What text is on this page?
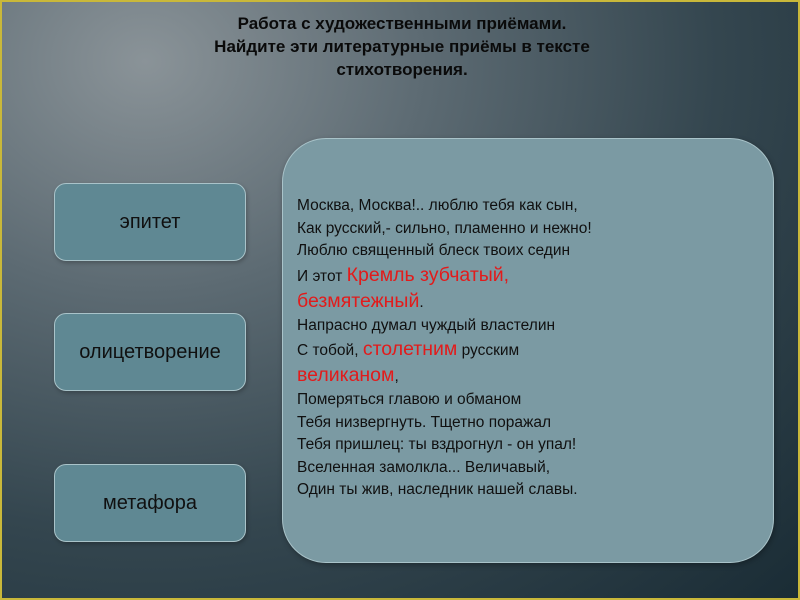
Работа с художественными приёмами.
Найдите эти литературные приёмы в тексте
стихотворения.
эпитет
олицетворение
метафора
Москва, Москва!.. люблю тебя как сын,
Как русский,- сильно, пламенно и нежно!
Люблю священный блеск твоих седин
И этот Кремль зубчатый,
безмятежный.
Напрасно думал чуждый властелин
С тобой, столетним русским
великаном,
Померяться главою и обманом
Тебя низвергнуть. Тщетно поражал
Тебя пришлец: ты вздрогнул - он упал!
Вселенная замолкла... Величавый,
Один ты жив, наследник нашей славы.
